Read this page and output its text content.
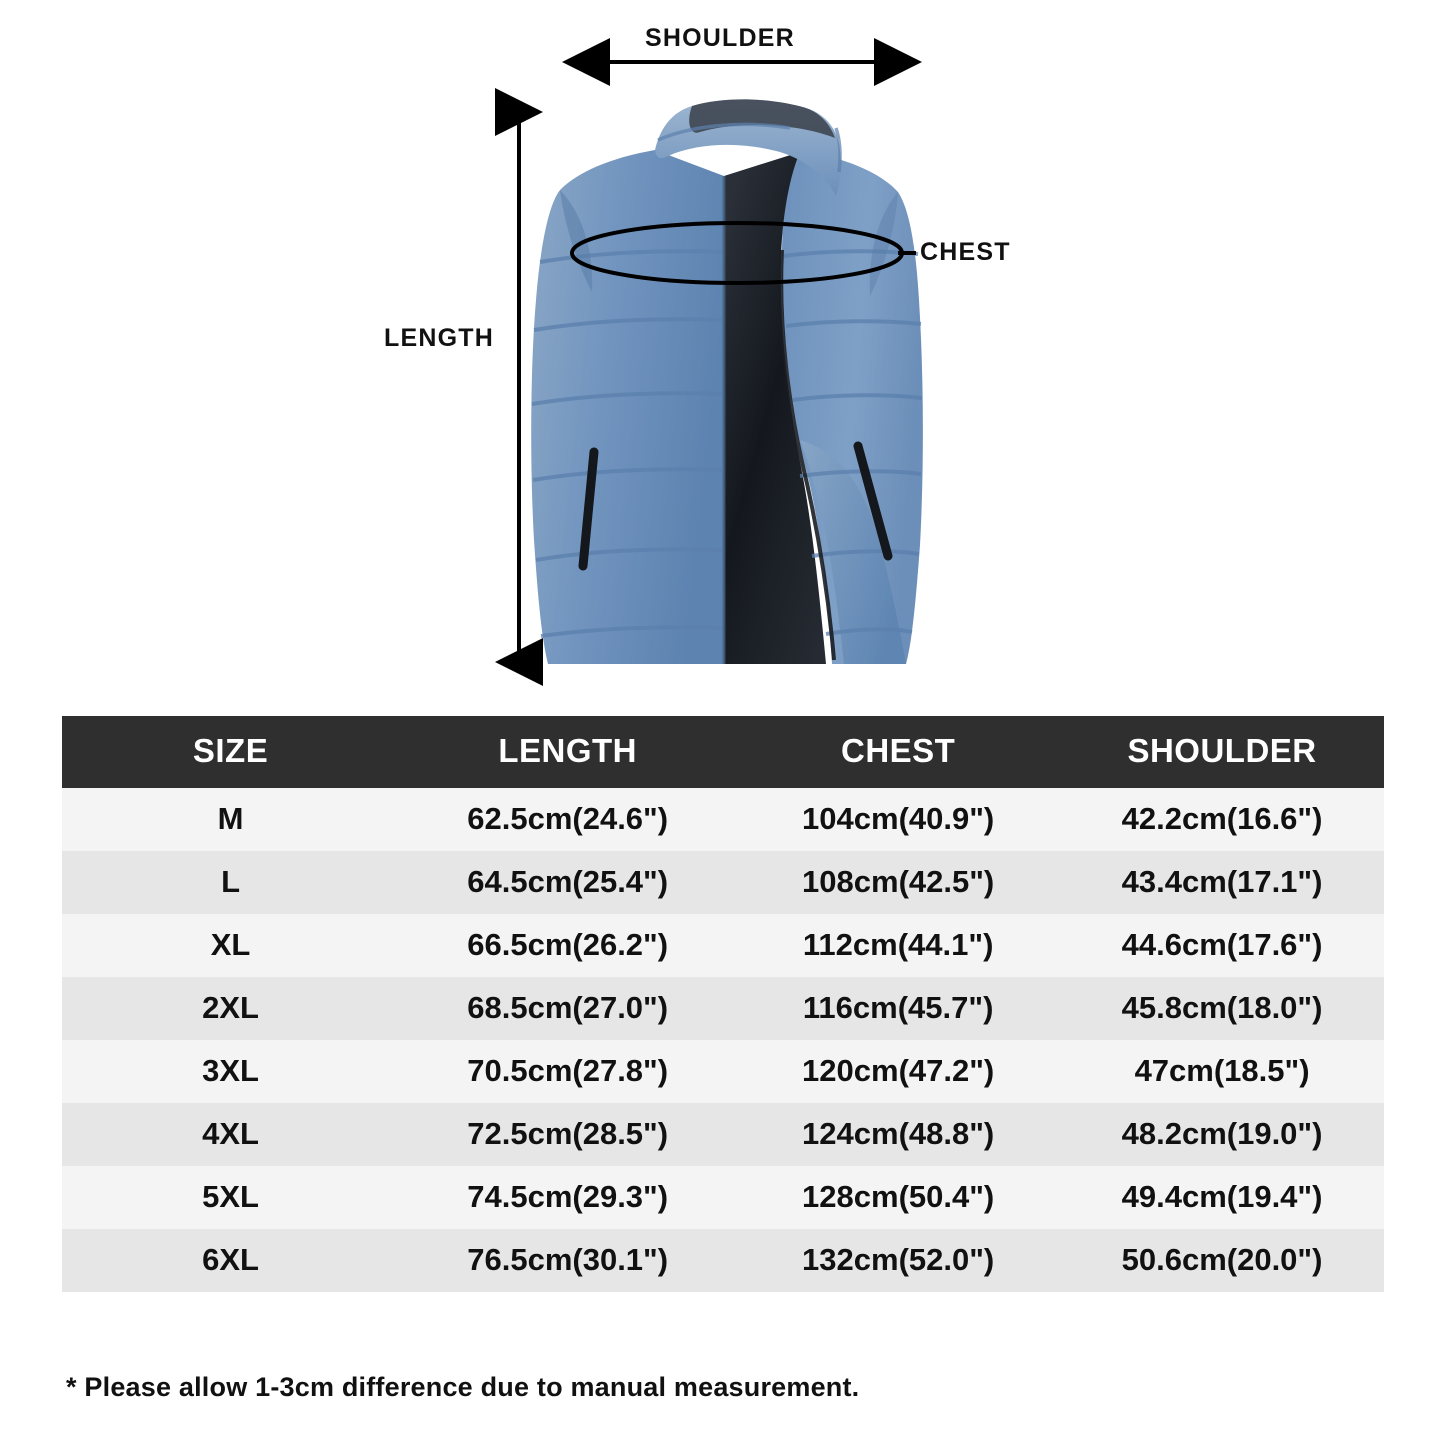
SHOULDER
CHEST
LENGTH
SIZE	LENGTH	CHEST	SHOULDER
M	62.5cm(24.6")	104cm(40.9")	42.2cm(16.6")
L	64.5cm(25.4")	108cm(42.5")	43.4cm(17.1")
XL	66.5cm(26.2")	112cm(44.1")	44.6cm(17.6")
2XL	68.5cm(27.0")	116cm(45.7")	45.8cm(18.0")
3XL	70.5cm(27.8")	120cm(47.2")	47cm(18.5")
4XL	72.5cm(28.5")	124cm(48.8")	48.2cm(19.0")
5XL	74.5cm(29.3")	128cm(50.4")	49.4cm(19.4")
6XL	76.5cm(30.1")	132cm(52.0")	50.6cm(20.0")
* Please allow 1-3cm difference due to manual measurement.
